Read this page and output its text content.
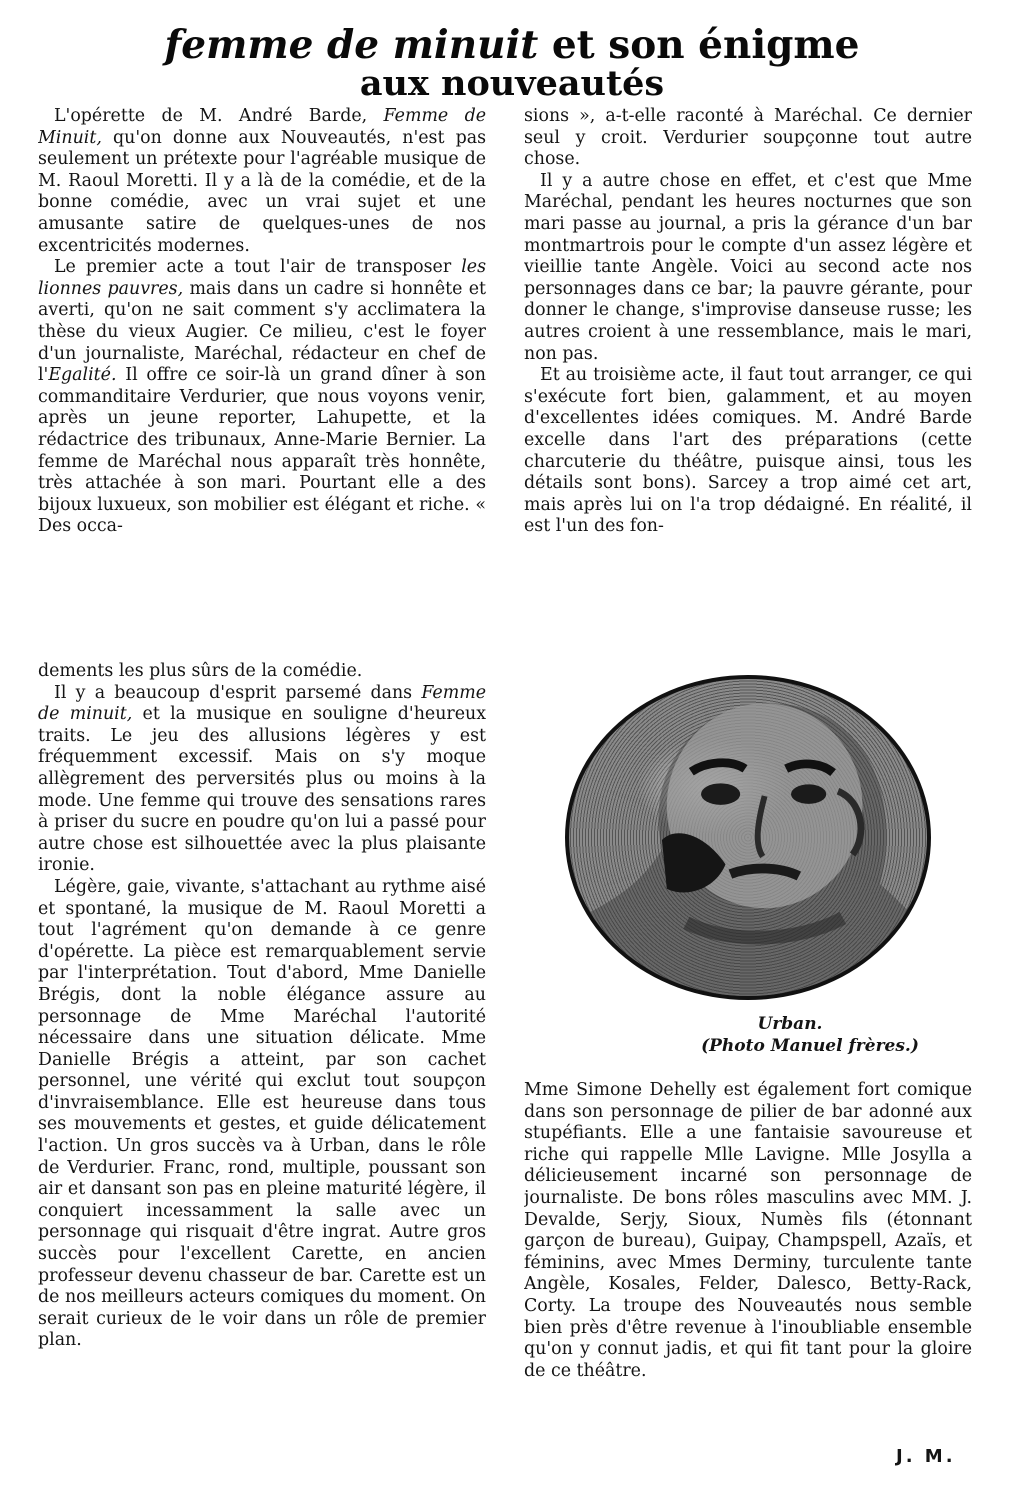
femme de minuit et son énigme
aux nouveautés

L'opérette de M. André Barde, Femme de Minuit, qu'on donne aux Nouveautés, n'est pas seulement un prétexte pour l'agréable musique de M. Raoul Moretti. Il y a là de la comédie, et de la bonne comédie, avec un vrai sujet et une amusante satire de quelques-unes de nos excentricités modernes.

Le premier acte a tout l'air de transposer les lionnes pauvres, mais dans un cadre si honnête et averti, qu'on ne sait comment s'y acclimatera la thèse du vieux Augier. Ce milieu, c'est le foyer d'un journaliste, Maréchal, rédacteur en chef de l'Egalité. Il offre ce soir-là un grand dîner à son commanditaire Verdurier, que nous voyons venir, après un jeune reporter, Lahupette, et la rédactrice des tribunaux, Anne-Marie Bernier. La femme de Maréchal nous apparaît très honnête, très attachée à son mari. Pourtant elle a des bijoux luxueux, son mobilier est élégant et riche. « Des occa-

sions », a-t-elle raconté à Maréchal. Ce dernier seul y croit. Verdurier soupçonne tout autre chose.

Il y a autre chose en effet, et c'est que Mme Maréchal, pendant les heures nocturnes que son mari passe au journal, a pris la gérance d'un bar montmartrois pour le compte d'un assez légère et vieillie tante Angèle. Voici au second acte nos personnages dans ce bar; la pauvre gérante, pour donner le change, s'improvise danseuse russe; les autres croient à une ressemblance, mais le mari, non pas.

Et au troisième acte, il faut tout arranger, ce qui s'exécute fort bien, galamment, et au moyen d'excellentes idées comiques. M. André Barde excelle dans l'art des préparations (cette charcuterie du théâtre, puisque ainsi, tous les détails sont bons). Sarcey a trop aimé cet art, mais après lui on l'a trop dédaigné. En réalité, il est l'un des fon-

dements les plus sûrs de la comédie.

Il y a beaucoup d'esprit parsemé dans Femme de minuit, et la musique en souligne d'heureux traits. Le jeu des allusions légères y est fréquemment excessif. Mais on s'y moque allègrement des perversités plus ou moins à la mode. Une femme qui trouve des sensations rares à priser du sucre en poudre qu'on lui a passé pour autre chose est silhouettée avec la plus plaisante ironie.

Légère, gaie, vivante, s'attachant au rythme aisé et spontané, la musique de M. Raoul Moretti a tout l'agrément qu'on demande à ce genre d'opérette. La pièce est remarquablement servie par l'interprétation. Tout d'abord, Mme Danielle Brégis, dont la noble élégance assure au personnage de Mme Maréchal l'autorité nécessaire dans une situation délicate. Mme Danielle Brégis a atteint, par son cachet personnel, une vérité qui exclut tout soupçon d'invraisemblance. Elle est heureuse dans tous ses mouvements et gestes, et guide délicatement l'action. Un gros succès va à Urban, dans le rôle de Verdurier. Franc, rond, multiple, poussant son air et dansant son pas en pleine maturité légère, il conquiert incessamment la salle avec un personnage qui risquait d'être ingrat. Autre gros succès pour l'excellent Carette, en ancien professeur devenu chasseur de bar. Carette est un de nos meilleurs acteurs comiques du moment. On serait curieux de le voir dans un rôle de premier plan.

Urban.
(Photo Manuel frères.)

Mme Simone Dehelly est également fort comique dans son personnage de pilier de bar adonné aux stupéfiants. Elle a une fantaisie savoureuse et riche qui rappelle Mlle Lavigne. Mlle Josylla a délicieusement incarné son personnage de journaliste. De bons rôles masculins avec MM. J. Devalde, Serjy, Sioux, Numès fils (étonnant garçon de bureau), Guipay, Champspell, Azaïs, et féminins, avec Mmes Derminy, turculente tante Angèle, Kosales, Felder, Dalesco, Betty-Rack, Corty. La troupe des Nouveautés nous semble bien près d'être revenue à l'inoubliable ensemble qu'on y connut jadis, et qui fit tant pour la gloire de ce théâtre.

J. M.
